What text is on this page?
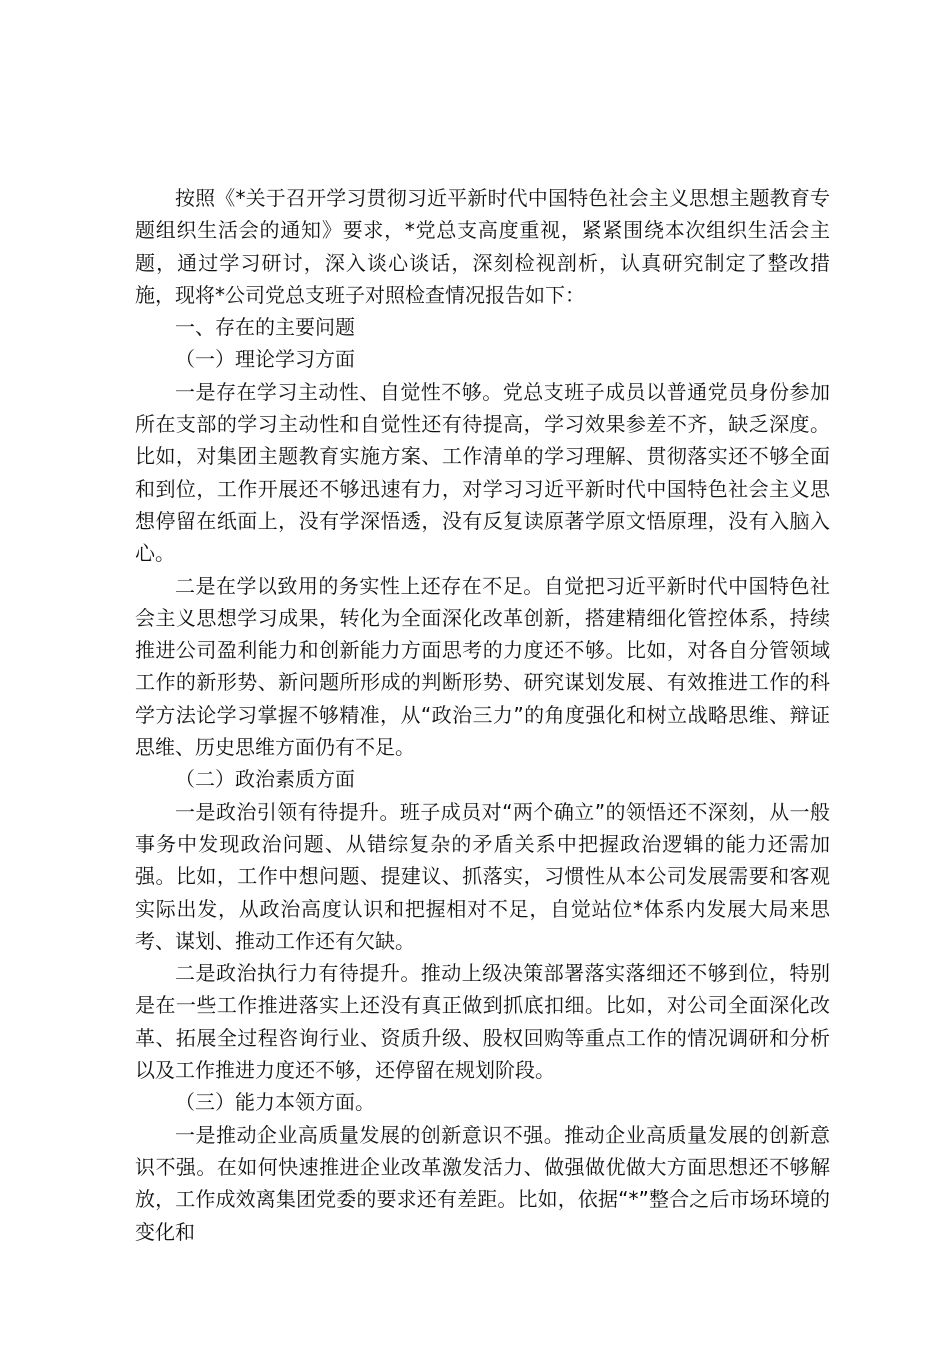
按照《*关于召开学习贯彻习近平新时代中国特色社会主义思想主题教育专题组织生活会的通知》要求，*党总支高度重视，紧紧围绕本次组织生活会主题，通过学习研讨，深入谈心谈话，深刻检视剖析，认真研究制定了整改措施，现将*公司党总支班子对照检查情况报告如下：

一、存在的主要问题

（一）理论学习方面

一是存在学习主动性、自觉性不够。党总支班子成员以普通党员身份参加所在支部的学习主动性和自觉性还有待提高，学习效果参差不齐，缺乏深度。比如，对集团主题教育实施方案、工作清单的学习理解、贯彻落实还不够全面和到位，工作开展还不够迅速有力，对学习习近平新时代中国特色社会主义思想停留在纸面上，没有学深悟透，没有反复读原著学原文悟原理，没有入脑入心。

二是在学以致用的务实性上还存在不足。自觉把习近平新时代中国特色社会主义思想学习成果，转化为全面深化改革创新，搭建精细化管控体系，持续推进公司盈利能力和创新能力方面思考的力度还不够。比如，对各自分管领域工作的新形势、新问题所形成的判断形势、研究谋划发展、有效推进工作的科学方法论学习掌握不够精准，从“政治三力”的角度强化和树立战略思维、辩证思维、历史思维方面仍有不足。

（二）政治素质方面

一是政治引领有待提升。班子成员对“两个确立”的领悟还不深刻，从一般事务中发现政治问题、从错综复杂的矛盾关系中把握政治逻辑的能力还需加强。比如，工作中想问题、提建议、抓落实，习惯性从本公司发展需要和客观实际出发，从政治高度认识和把握相对不足，自觉站位*体系内发展大局来思考、谋划、推动工作还有欠缺。

二是政治执行力有待提升。推动上级决策部署落实落细还不够到位，特别是在一些工作推进落实上还没有真正做到抓底扣细。比如，对公司全面深化改革、拓展全过程咨询行业、资质升级、股权回购等重点工作的情况调研和分析以及工作推进力度还不够，还停留在规划阶段。

（三）能力本领方面。

一是推动企业高质量发展的创新意识不强。推动企业高质量发展的创新意识不强。在如何快速推进企业改革激发活力、做强做优做大方面思想还不够解放，工作成效离集团党委的要求还有差距。比如，依据“*”整合之后市场环境的变化和
